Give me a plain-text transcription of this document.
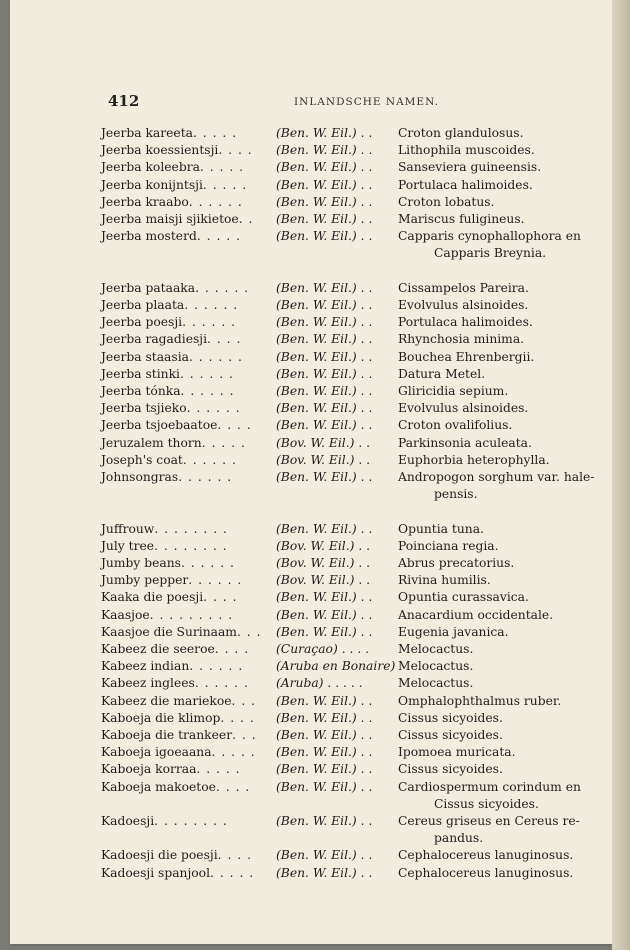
412	INLANDSCHE NAMEN.
Jeerba kareeta. . . . .	(Ben. W. Eil.) . . Croton glandulosus.
Jeerba koessientsji. . . . (Ben. W. Eil.) . . Lithophila muscoides.
Jeerba koleebra. . . . .	(Ben. W. Eil.) . . Sanseviera guineensis.
Jeerba konijntsji. . . . . (Ben. W. Eil.) . . Portulaca halimoides.
Jeerba kraabo. . . . . .	(Ben. W. Eil.) . . Croton lobatus.
Jeerba maisji sjikietoe. . (Ben. W. Eil.) . . Mariscus fuligineus.
Jeerba mosterd. . . . .	(Ben. W. Eil.) . . Capparis cynophallophora en
Capparis Breynia.
Jeerba pataaka. . . . . . (Ben. W. Eil.) . . Cissampelos Pareira.
Jeerba plaata. . . . . .	(Ben. W. Eil.) . . Evolvulus alsinoides.
Jeerba poesji. . . . . .	(Ben. W. Eil.) . . Portulaca halimoides.
Jeerba ragadiesji. . . .	(Ben. W. Eil.) . . Rhynchosia minima.
Jeerba staasia. . . . . .	(Ben. W. Eil.) . . Bouchea Ehrenbergii.
Jeerba stinki. . . . . .	(Ben. W. Eil.) . . Datura Metel.
Jeerba tónka. . . . . .	(Ben. W. Eil.) . . Gliricidia sepium.
Jeerba tsjieko. . . . . .	(Ben. W. Eil.) . . Evolvulus alsinoides.
Jeerba tsjoebaatoe. . . . (Ben. W. Eil.) . . Croton ovalifolius.
Jeruzalem thorn. . . . . (Bov. W. Eil.) . . Parkinsonia aculeata.
Joseph's coat. . . . . .	(Bov. W. Eil.) . . Euphorbia heterophylla.
Johnsongras. . . . . .	(Ben. W. Eil.) . . Andropogon sorghum var. hale-
pensis.
Juffrouw. . . . . . . .	(Ben. W. Eil.) . . Opuntia tuna.
July tree. . . . . . . .	(Bov. W. Eil.) . . Poinciana regia.
Jumby beans. . . . . .	(Bov. W. Eil.) . . Abrus precatorius.
Jumby pepper. . . . . .	(Bov. W. Eil.) . . Rivina humilis.
Kaaka die poesji. . . .	(Ben. W. Eil.) . . Opuntia curassavica.
Kaasjoe. . . . . . . . .	(Ben. W. Eil.) . . Anacardium occidentale.
Kaasjoe die Surinaam. . . (Ben. W. Eil.) . . Eugenia javanica.
Kabeez die seeroe. . . . (Curaçao) . . . . Melocactus.
Kabeez indian. . . . . .	(Aruba en Bonaire) Melocactus.
Kabeez inglees. . . . . . (Aruba) . . . . .	Melocactus.
Kabeez die mariekoe. . . (Ben. W. Eil.) . . Omphalophthalmus ruber.
Kaboeja die klimop. . . . (Ben. W. Eil.) . . Cissus sicyoides.
Kaboeja die trankeer. . . (Ben. W. Eil.) . . Cissus sicyoides.
Kaboeja igoeaana. . . . . (Ben. W. Eil.) . . Ipomoea muricata.
Kaboeja korraa. . . . .	(Ben. W. Eil.) . . Cissus sicyoides.
Kaboeja makoetoe. . . . (Ben. W. Eil.) . . Cardiospermum corindum en
Cissus sicyoides.
Kadoesji. . . . . . . .	(Ben. W. Eil.) . . Cereus griseus en Cereus re-
pandus.
Kadoesji die poesji. . . . (Ben. W. Eil.) . . Cephalocereus lanuginosus.
Kadoesji spanjool. . . . . (Ben. W. Eil.) . . Cephalocereus lanuginosus.
